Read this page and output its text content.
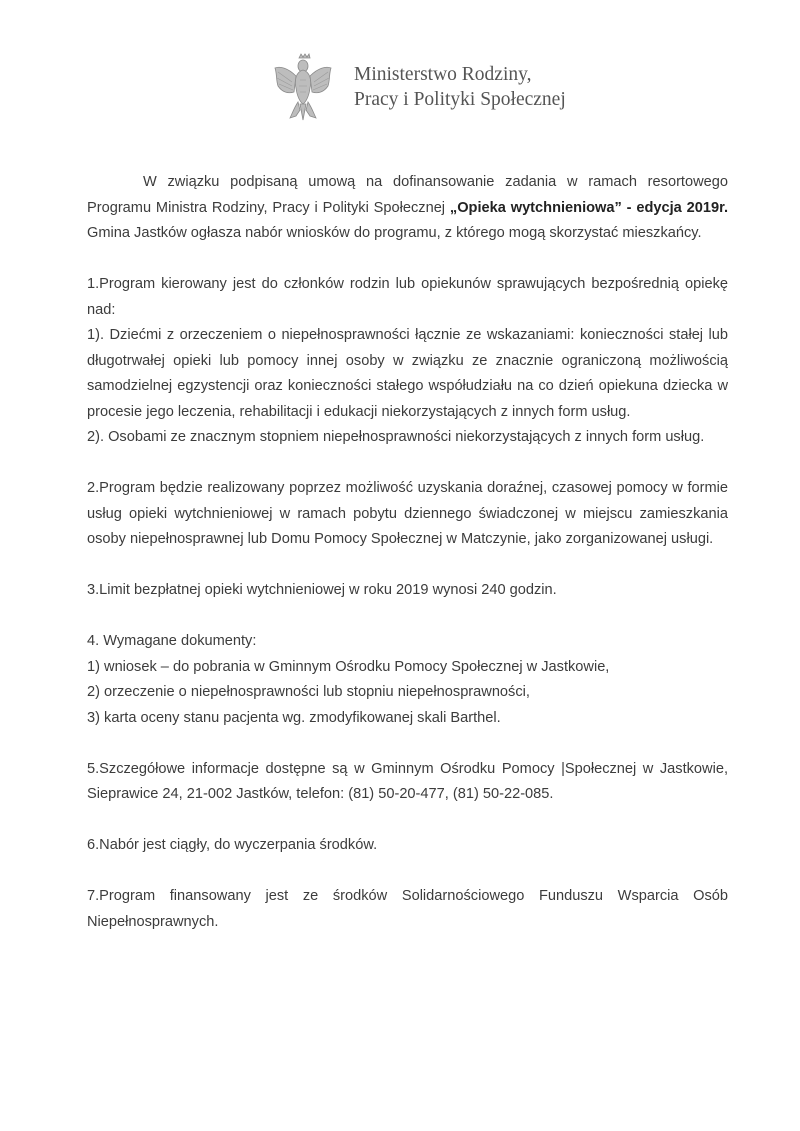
Ministerstwo Rodziny,
Pracy i Polityki Społecznej

W związku podpisaną umową na dofinansowanie zadania w ramach resortowego Programu Ministra Rodziny, Pracy i Polityki Społecznej „Opieka wytchnieniowa” - edycja 2019r. Gmina Jastków ogłasza nabór wniosków do programu, z którego mogą skorzystać mieszkańcy.

1.Program kierowany jest do członków rodzin lub opiekunów sprawujących bezpośrednią opiekę nad:

1). Dziećmi z orzeczeniem o niepełnosprawności łącznie ze wskazaniami: konieczności stałej lub długotrwałej opieki lub pomocy innej osoby w związku ze znacznie ograniczoną możliwością samodzielnej egzystencji oraz konieczności stałego współudziału na co dzień opiekuna dziecka w procesie jego leczenia, rehabilitacji i edukacji niekorzystających z innych form usług.

2). Osobami ze znacznym stopniem niepełnosprawności niekorzystających z innych form usług.

2.Program będzie realizowany poprzez możliwość uzyskania doraźnej, czasowej pomocy w formie usług opieki wytchnieniowej w ramach pobytu dziennego świadczonej w miejscu zamieszkania osoby niepełnosprawnej lub Domu Pomocy Społecznej w Matczynie, jako zorganizowanej usługi.

3.Limit bezpłatnej opieki wytchnieniowej w roku 2019 wynosi 240 godzin.

4. Wymagane dokumenty:

1) wniosek – do pobrania w Gminnym Ośrodku Pomocy Społecznej w Jastkowie,

2) orzeczenie o niepełnosprawności lub stopniu niepełnosprawności,

3) karta oceny stanu pacjenta wg. zmodyfikowanej skali Barthel.

5.Szczegółowe informacje dostępne są w Gminnym Ośrodku Pomocy |Społecznej w Jastkowie, Sieprawice 24, 21-002 Jastków, telefon: (81) 50-20-477, (81) 50-22-085.

6.Nabór jest ciągły, do wyczerpania środków.

7.Program finansowany jest ze środków Solidarnościowego Funduszu Wsparcia Osób Niepełnosprawnych.
